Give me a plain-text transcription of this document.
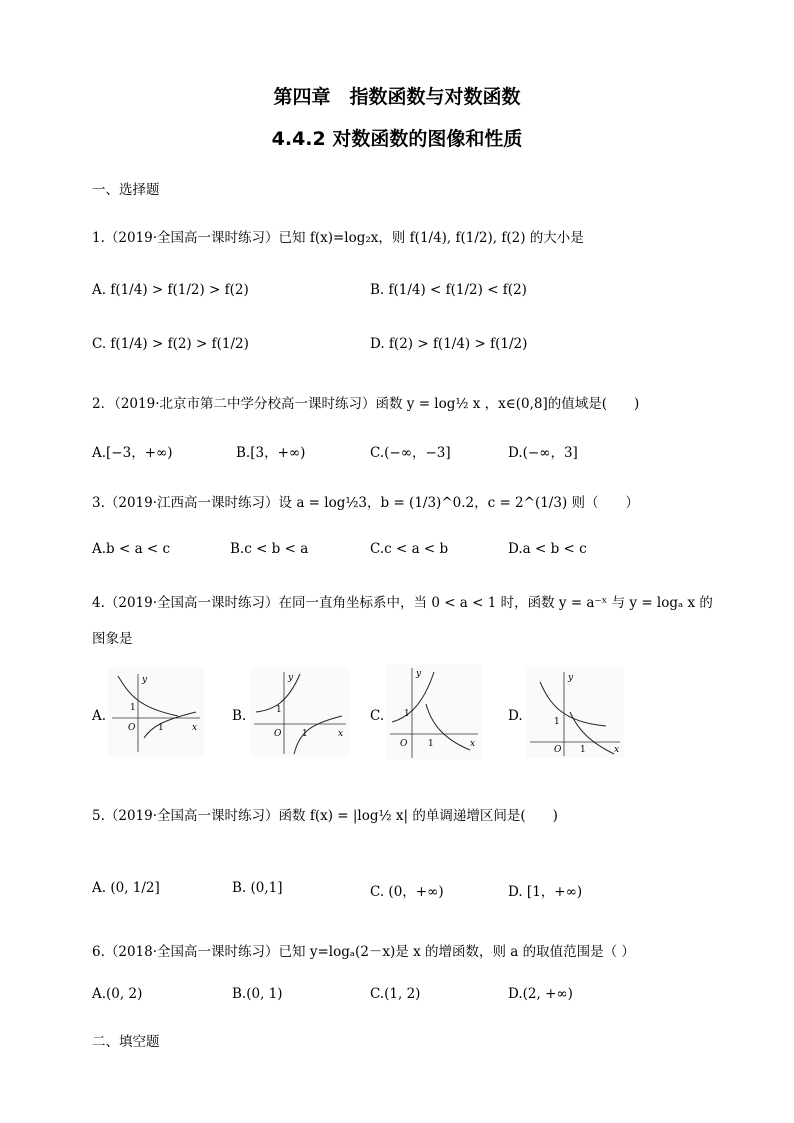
第四章　指数函数与对数函数
4.4.2 对数函数的图像和性质
一、选择题
1.（2019·全国高一课时练习）已知 f(x)=log₂x，则 f(1/4), f(1/2), f(2) 的大小是
A. f(1/4) > f(1/2) > f(2)	B. f(1/4) < f(1/2) < f(2)
C. f(1/4) > f(2) > f(1/2)	D. f(2) > f(1/4) > f(1/2)
2．（2019·北京市第二中学分校高一课时练习）函数 y = log½ x ，x∈(0,8]的值域是(　　)
A.[−3，+∞)	B.[3，+∞)	C.(−∞，−3]	D.(−∞，3]
3.（2019·江西高一课时练习）设 a = log½3，b = (1/3)^0.2，c = 2^(1/3) 则（　　）
A.b < a < c	B.c < b < a	C.c < a < b	D.a < b < c
4.（2019·全国高一课时练习）在同一直角坐标系中，当 0 < a < 1 时，函数 y = a⁻ˣ 与 y = logₐ x 的
图象是
A.
y
x
O
1
1
B.
y
x
O
1
1
C.
y
x
O
1
1
D.
y
x
O
1
1
5.（2019·全国高一课时练习）函数 f(x) = |log½ x| 的单调递增区间是(　　)
A. (0, 1/2]	B. (0,1]	C. (0，+∞)	D. [1，+∞)
6.（2018·全国高一课时练习）已知 y=logₐ(2－x)是 x 的增函数，则 a 的取值范围是（ ）
A.(0, 2)	B.(0, 1)	C.(1, 2)	D.(2, +∞)
二、填空题
